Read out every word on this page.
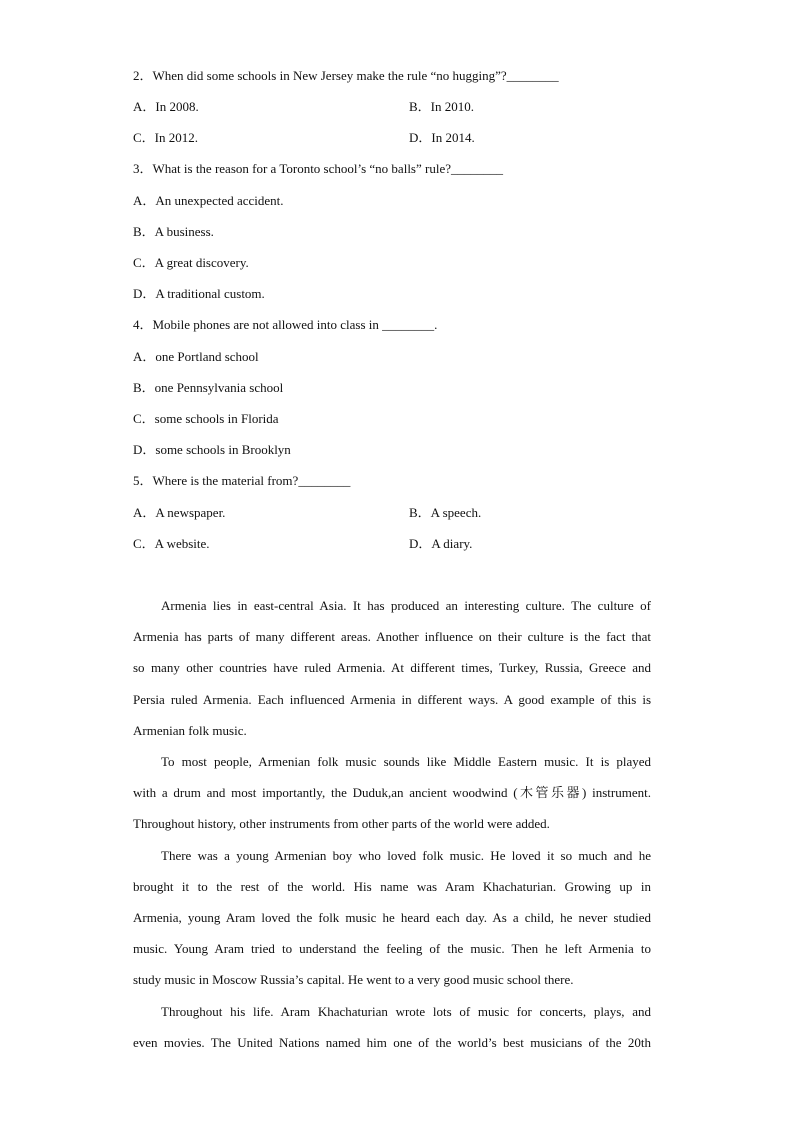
2．When did some schools in New Jersey make the rule “no hugging”?________
A．In 2008.	B．In 2010.
C．In 2012.	D．In 2014.
3．What is the reason for a Toronto school’s “no balls” rule?________
A．An unexpected accident.
B．A business.
C．A great discovery.
D．A traditional custom.
4．Mobile phones are not allowed into class in ________.
A．one Portland school
B．one Pennsylvania school
C．some schools in Florida
D．some schools in Brooklyn
5．Where is the material from?________
A．A newspaper.	B．A speech.
C．A website.	D．A diary.
Armenia lies in east-central Asia. It has produced an interesting culture. The culture of
Armenia has parts of many different areas. Another influence on their culture is the fact that
so many other countries have ruled Armenia. At different times, Turkey, Russia, Greece and
Persia ruled Armenia. Each influenced Armenia in different ways. A good example of this is
Armenian folk music.
To most people, Armenian folk music sounds like Middle Eastern music. It is played
with a drum and most importantly, the Duduk,an ancient woodwind (木管乐器) instrument.
Throughout history, other instruments from other parts of the world were added.
There was a young Armenian boy who loved folk music. He loved it so much and he
brought it to the rest of the world. His name was Aram Khachaturian. Growing up in
Armenia, young Aram loved the folk music he heard each day. As a child, he never studied
music. Young Aram tried to understand the feeling of the music. Then he left Armenia to
study music in Moscow Russia’s capital. He went to a very good music school there.
Throughout his life. Aram Khachaturian wrote lots of music for concerts, plays, and
even movies. The United Nations named him one of the world’s best musicians of the 20th
